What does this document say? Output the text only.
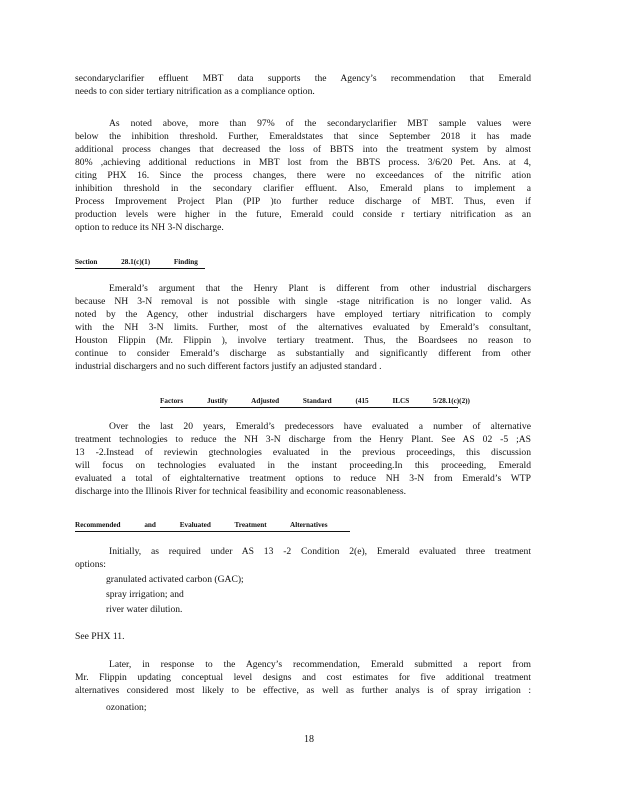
secondaryclarifier effluent MBT data supports the Agency’s recommendation that Emerald
needs to con sider tertiary nitrification as a compliance option.

As noted above, more than 97% of the secondaryclarifier MBT sample values were
below the inhibition threshold. Further, Emeraldstates that since September 2018 it has made
additional process changes that decreased the loss of BBTS into the treatment system by almost
80% ,achieving additional reductions in MBT lost from the BBTS process. 3/6/20 Pet. Ans. at 4,
citing PHX 16. Since the process changes, there were no exceedances of the nitrific ation
inhibition threshold in the secondary clarifier effluent. Also, Emerald plans to implement a
Process Improvement Project Plan (PIP )to further reduce discharge of MBT. Thus, even if
production levels were higher in the future, Emerald could conside r tertiary nitrification as an
option to reduce its NH 3-N discharge.

Section	28.1(c)(1)	Finding

Emerald’s argument that the Henry Plant is different from other industrial dischargers
because NH 3-N removal is not possible with single -stage nitrification is no longer valid. As
noted by the Agency, other industrial dischargers have employed tertiary nitrification to comply
with the NH 3-N limits. Further, most of the alternatives evaluated by Emerald’s consultant,
Houston Flippin (Mr. Flippin ), involve tertiary treatment. Thus, the Boardsees no reason to
continue to consider Emerald’s discharge as substantially and significantly different from other
industrial dischargers and no such different factors justify an adjusted standard .

Factors	Justify	Adjusted	Standard	(415	ILCS	5/28.1(c)(2))

Over the last 20 years, Emerald’s predecessors have evaluated a number of alternative
treatment technologies to reduce the NH 3-N discharge from the Henry Plant. See AS 02 -5 ;AS
13 -2.Instead of reviewin gtechnologies evaluated in the previous proceedings, this discussion
will focus on technologies evaluated in the instant proceeding.In this proceeding, Emerald
evaluated a total of eightalternative treatment options to reduce NH 3-N from Emerald’s WTP
discharge into the Illinois River for technical feasibility and economic reasonableness.

Recommended	and	Evaluated	Treatment	Alternatives

Initially, as required under AS 13 -2 Condition 2(e), Emerald evaluated three treatment
options:

granulated activated carbon (GAC);
spray irrigation; and
river water dilution.

See PHX 11.

Later, in response to the Agency’s recommendation, Emerald submitted a report from
Mr. Flippin updating conceptual level designs and cost estimates for five additional treatment
alternatives considered most likely to be effective, as well as further analys is of spray irrigation :

ozonation;
18
